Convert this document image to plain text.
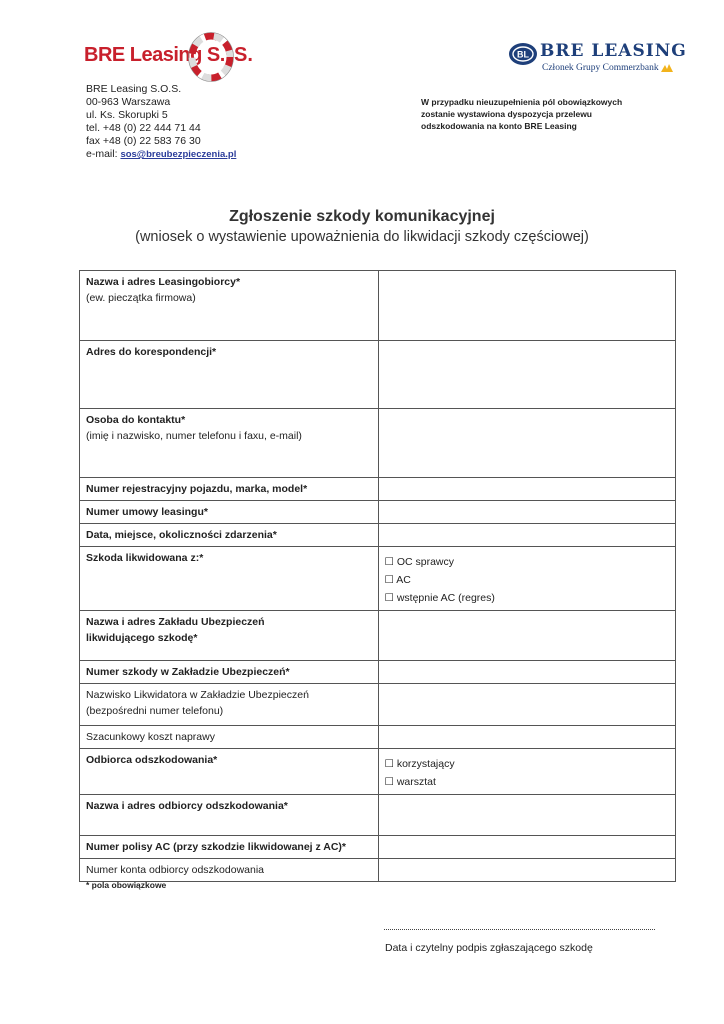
BRE Leasing S. S.	BL BRE LEASING
Członek Grupy Commerzbank
BRE Leasing S.O.S.
00-963 Warszawa
ul. Ks. Skorupki 5
tel. +48 (0) 22 444 71 44
fax +48 (0) 22 583 76 30
e-mail: sos@breubezpieczenia.pl
W przypadku nieuzupełnienia pól obowiązkowych
zostanie wystawiona dyspozycja przelewu
odszkodowania na konto BRE Leasing
Zgłoszenie szkody komunikacyjnej
(wniosek o wystawienie upoważnienia do likwidacji szkody częściowej)
Nazwa i adres Leasingobiorcy*
(ew. pieczątka firmowa)	

Adres do korespondencji*	

Osoba do kontaktu*
(imię i nazwisko, numer telefonu i faxu, e-mail)	

Numer rejestracyjny pojazdu, marka, model*	

Numer umowy leasingu*	

Data, miejsce, okoliczności zdarzenia*	

Szkoda likwidowana z:*	☐ OC sprawcy
☐ AC
☐ wstępnie AC (regres)

Nazwa i adres Zakładu Ubezpieczeń
likwidującego szkodę*	

Numer szkody w Zakładzie Ubezpieczeń*	

Nazwisko Likwidatora w Zakładzie Ubezpieczeń
(bezpośredni numer telefonu)	

Szacunkowy koszt naprawy	

Odbiorca odszkodowania*	☐ korzystający
☐ warsztat

Nazwa i adres odbiorcy odszkodowania*	

Numer polisy AC (przy szkodzie likwidowanej z AC)*	

Numer konta odbiorcy odszkodowania	

* pola obowiązkowe
Data i czytelny podpis zgłaszającego szkodę
